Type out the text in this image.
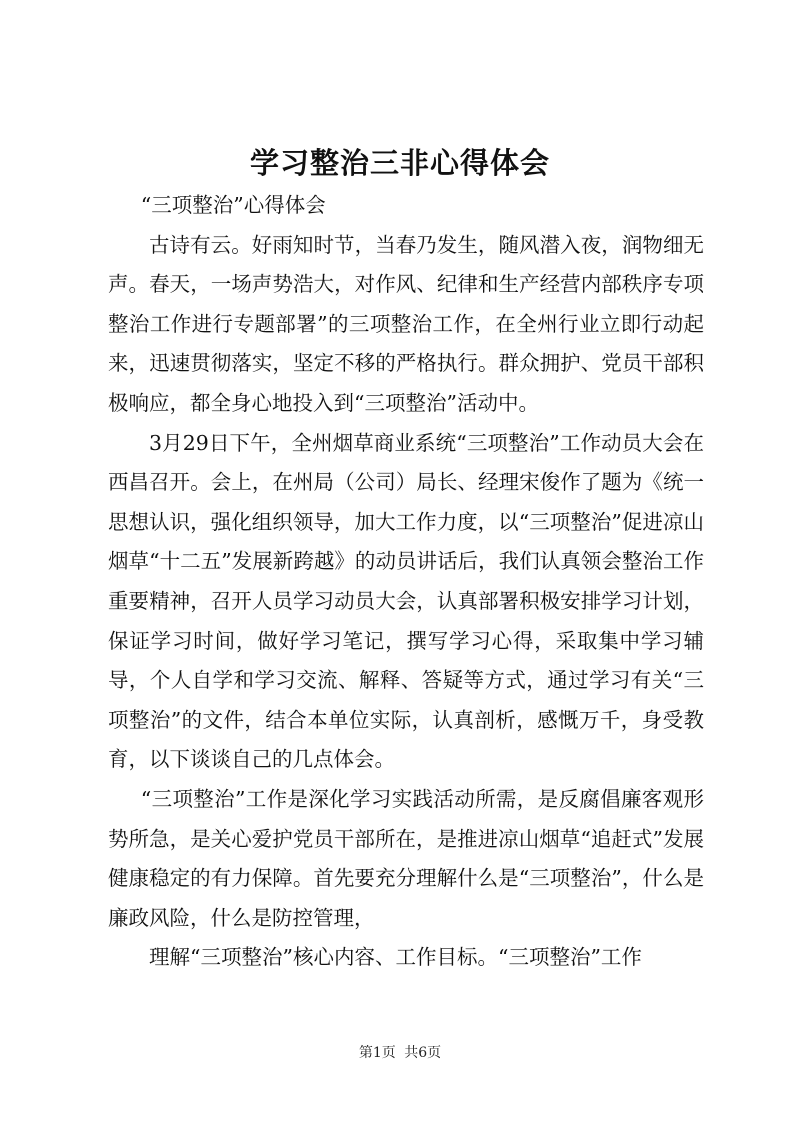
学习整治三非心得体会

“三项整治”心得体会

古诗有云。好雨知时节，当春乃发生，随风潜入夜，润物细无声。春天，一场声势浩大，对作风、纪律和生产经营内部秩序专项整治工作进行专题部署”的三项整治工作，在全州行业立即行动起来，迅速贯彻落实，坚定不移的严格执行。群众拥护、党员干部积极响应，都全身心地投入到“三项整治”活动中。

3月29日下午，全州烟草商业系统“三项整治”工作动员大会在西昌召开。会上，在州局（公司）局长、经理宋俊作了题为《统一思想认识，强化组织领导，加大工作力度，以“三项整治”促进凉山烟草“十二五”发展新跨越》的动员讲话后，我们认真领会整治工作重要精神，召开人员学习动员大会，认真部署积极安排学习计划，保证学习时间，做好学习笔记，撰写学习心得，采取集中学习辅导，个人自学和学习交流、解释、答疑等方式，通过学习有关“三项整治”的文件，结合本单位实际，认真剖析，感慨万千，身受教育，以下谈谈自己的几点体会。

“三项整治”工作是深化学习实践活动所需，是反腐倡廉客观形势所急，是关心爱护党员干部所在，是推进凉山烟草“追赶式”发展健康稳定的有力保障。首先要充分理解什么是“三项整治”，什么是廉政风险，什么是防控管理，

理解“三项整治”核心内容、工作目标。“三项整治”工作

第1页 共6页
